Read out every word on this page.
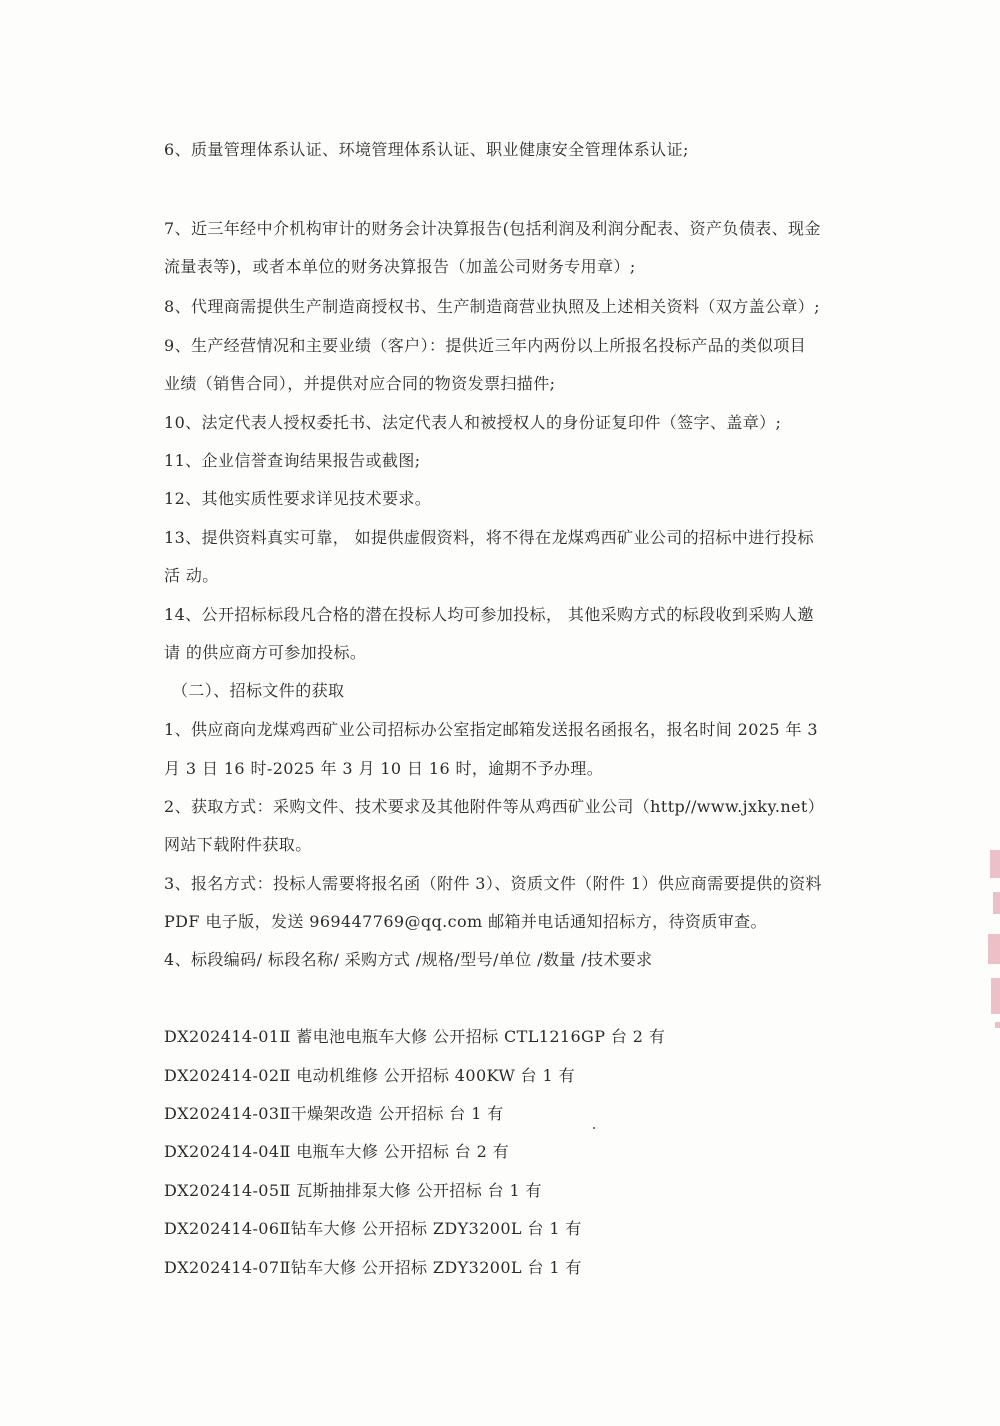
6、质量管理体系认证、环境管理体系认证、职业健康安全管理体系认证;
7、近三年经中介机构审计的财务会计决算报告(包括利润及利润分配表、资产负债表、现金
流量表等)，或者本单位的财务决算报告（加盖公司财务专用章）;
8、代理商需提供生产制造商授权书、生产制造商营业执照及上述相关资料（双方盖公章）;
9、生产经营情况和主要业绩（客户）：提供近三年内两份以上所报名投标产品的类似项目
业绩（销售合同），并提供对应合同的物资发票扫描件;
10、法定代表人授权委托书、法定代表人和被授权人的身份证复印件（签字、盖章）;
11、企业信誉查询结果报告或截图;
12、其他实质性要求详见技术要求。
13、提供资料真实可靠， 如提供虚假资料，将不得在龙煤鸡西矿业公司的招标中进行投标
活 动。
14、公开招标标段凡合格的潜在投标人均可参加投标， 其他采购方式的标段收到采购人邀
请 的供应商方可参加投标。
（二）、招标文件的获取
1、供应商向龙煤鸡西矿业公司招标办公室指定邮箱发送报名函报名，报名时间 2025 年 3
月 3 日 16 时-2025 年 3 月 10 日 16 时，逾期不予办理。
2、获取方式：采购文件、技术要求及其他附件等从鸡西矿业公司（http//www.jxky.net）
网站下载附件获取。
3、报名方式：投标人需要将报名函（附件 3）、资质文件（附件 1）供应商需要提供的资料
PDF 电子版，发送 969447769@qq.com 邮箱并电话通知招标方，待资质审查。
4、标段编码/ 标段名称/ 采购方式 /规格/型号/单位 /数量 /技术要求
DX202414-01Ⅱ 蓄电池电瓶车大修 公开招标 CTL1216GP 台 2 有
DX202414-02Ⅱ 电动机维修 公开招标 400KW 台 1 有
DX202414-03Ⅱ干燥架改造 公开招标 台 1 有
DX202414-04Ⅱ 电瓶车大修 公开招标 台 2 有
DX202414-05Ⅱ 瓦斯抽排泵大修 公开招标 台 1 有
DX202414-06Ⅱ钻车大修 公开招标 ZDY3200L 台 1 有
DX202414-07Ⅱ钻车大修 公开招标 ZDY3200L 台 1 有
